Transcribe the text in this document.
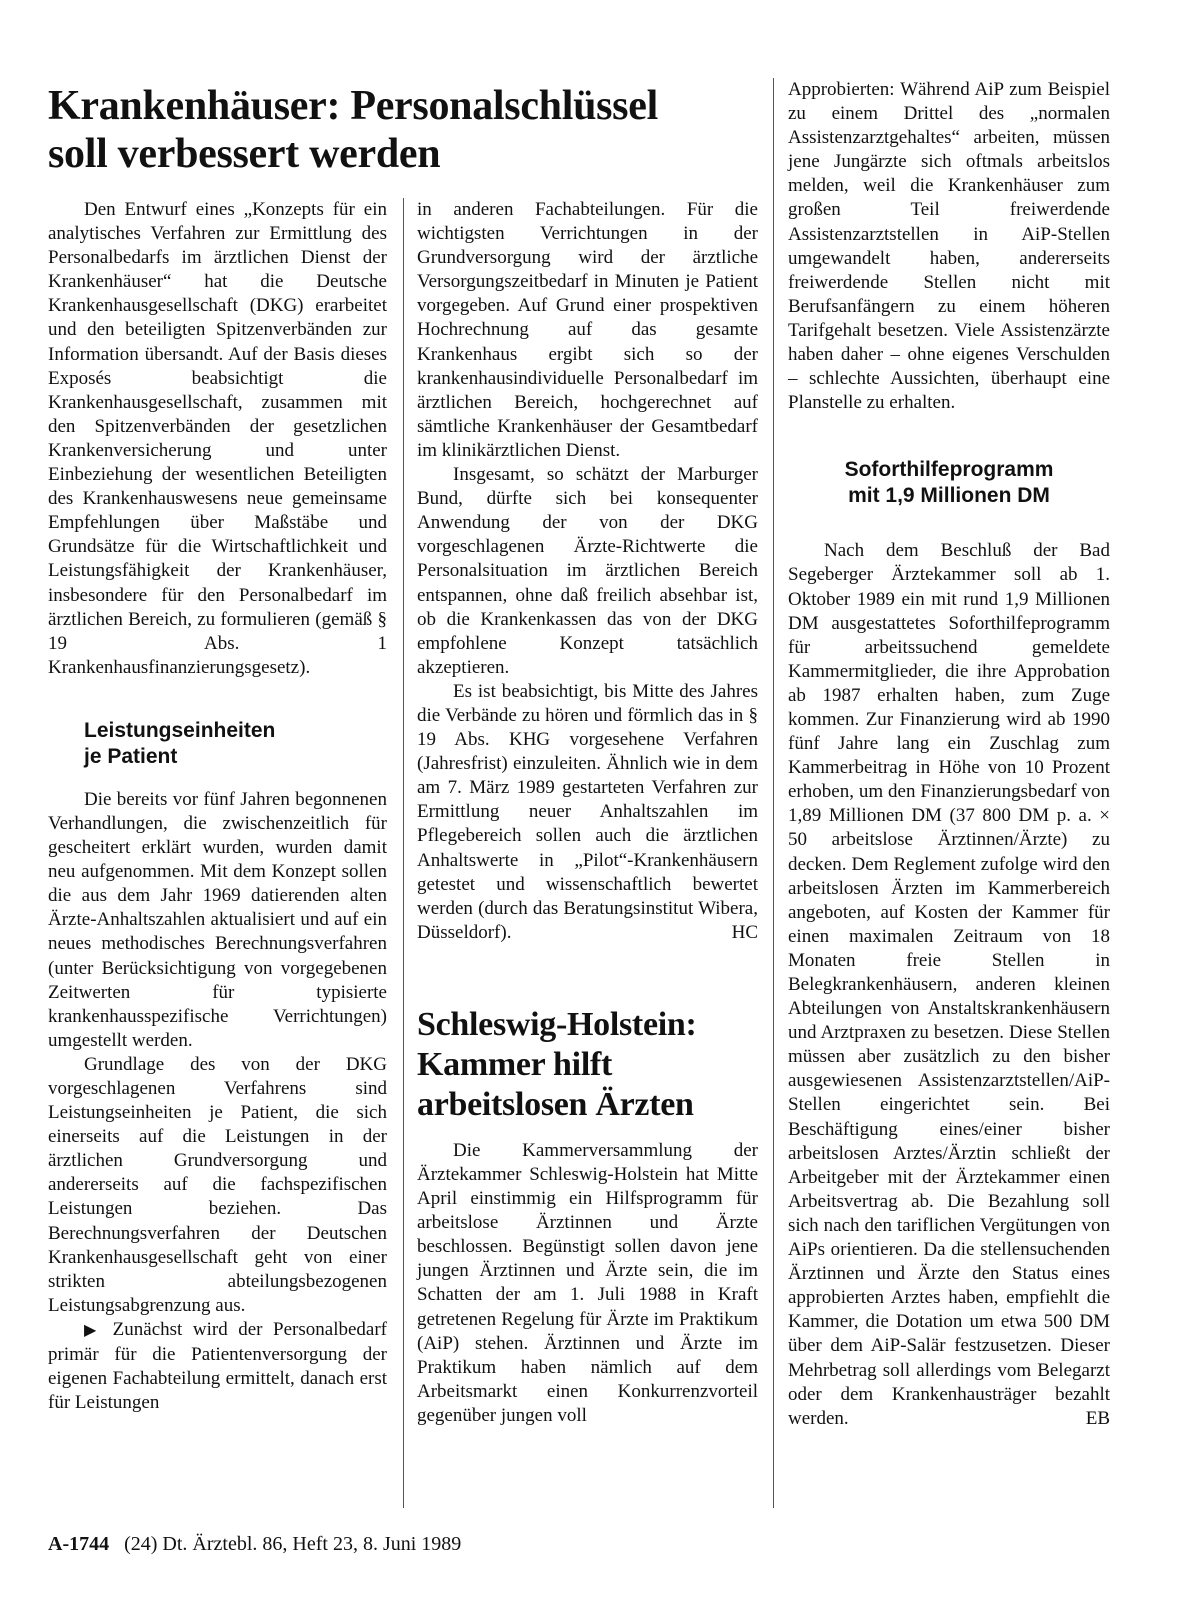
Krankenhäuser: Personalschlüssel
soll verbessert werden

Den Entwurf eines „Konzepts für ein analytisches Verfahren zur Ermittlung des Personalbedarfs im ärztlichen Dienst der Krankenhäuser“ hat die Deutsche Krankenhausgesellschaft (DKG) erarbeitet und den beteiligten Spitzenverbänden zur Information übersandt. Auf der Basis dieses Exposés beabsichtigt die Krankenhausgesellschaft, zusammen mit den Spitzenverbänden der gesetzlichen Krankenversicherung und unter Einbeziehung der wesentlichen Beteiligten des Krankenhauswesens neue gemeinsame Empfehlungen über Maßstäbe und Grundsätze für die Wirtschaftlichkeit und Leistungsfähigkeit der Krankenhäuser, insbesondere für den Personalbedarf im ärztlichen Bereich, zu formulieren (gemäß § 19 Abs. 1 Krankenhausfinanzierungsgesetz).

Leistungseinheiten
je Patient

Die bereits vor fünf Jahren begonnenen Verhandlungen, die zwischenzeitlich für gescheitert erklärt wurden, wurden damit neu aufgenommen. Mit dem Konzept sollen die aus dem Jahr 1969 datierenden alten Ärzte-Anhaltszahlen aktualisiert und auf ein neues methodisches Berechnungsverfahren (unter Berücksichtigung von vorgegebenen Zeitwerten für typisierte krankenhausspezifische Verrichtungen) umgestellt werden.

Grundlage des von der DKG vorgeschlagenen Verfahrens sind Leistungseinheiten je Patient, die sich einerseits auf die Leistungen in der ärztlichen Grundversorgung und andererseits auf die fachspezifischen Leistungen beziehen. Das Berechnungsverfahren der Deutschen Krankenhausgesellschaft geht von einer strikten abteilungsbezogenen Leistungsabgrenzung aus.

▶ Zunächst wird der Personalbedarf primär für die Patientenversorgung der eigenen Fachabteilung ermittelt, danach erst für Leistungen

in anderen Fachabteilungen. Für die wichtigsten Verrichtungen in der Grundversorgung wird der ärztliche Versorgungszeitbedarf in Minuten je Patient vorgegeben. Auf Grund einer prospektiven Hochrechnung auf das gesamte Krankenhaus ergibt sich so der krankenhausindividuelle Personalbedarf im ärztlichen Bereich, hochgerechnet auf sämtliche Krankenhäuser der Gesamtbedarf im klinikärztlichen Dienst.

Insgesamt, so schätzt der Marburger Bund, dürfte sich bei konsequenter Anwendung der von der DKG vorgeschlagenen Ärzte-Richtwerte die Personalsituation im ärztlichen Bereich entspannen, ohne daß freilich absehbar ist, ob die Krankenkassen das von der DKG empfohlene Konzept tatsächlich akzeptieren.

Es ist beabsichtigt, bis Mitte des Jahres die Verbände zu hören und förmlich das in § 19 Abs. KHG vorgesehene Verfahren (Jahresfrist) einzuleiten. Ähnlich wie in dem am 7. März 1989 gestarteten Verfahren zur Ermittlung neuer Anhaltszahlen im Pflegebereich sollen auch die ärztlichen Anhaltswerte in „Pilot“-Krankenhäusern getestet und wissenschaftlich bewertet werden (durch das Beratungsinstitut Wibera, Düsseldorf).	HC

Schleswig-Holstein:
Kammer hilft
arbeitslosen Ärzten

Die Kammerversammlung der Ärztekammer Schleswig-Holstein hat Mitte April einstimmig ein Hilfsprogramm für arbeitslose Ärztinnen und Ärzte beschlossen. Begünstigt sollen davon jene jungen Ärztinnen und Ärzte sein, die im Schatten der am 1. Juli 1988 in Kraft getretenen Regelung für Ärzte im Praktikum (AiP) stehen. Ärztinnen und Ärzte im Praktikum haben nämlich auf dem Arbeitsmarkt einen Konkurrenzvorteil gegenüber jungen voll

Approbierten: Während AiP zum Beispiel zu einem Drittel des „normalen Assistenzarztgehaltes“ arbeiten, müssen jene Jungärzte sich oftmals arbeitslos melden, weil die Krankenhäuser zum großen Teil freiwerdende Assistenzarztstellen in AiP-Stellen umgewandelt haben, andererseits freiwerdende Stellen nicht mit Berufsanfängern zu einem höheren Tarifgehalt besetzen. Viele Assistenzärzte haben daher – ohne eigenes Verschulden – schlechte Aussichten, überhaupt eine Planstelle zu erhalten.

Soforthilfeprogramm
mit 1,9 Millionen DM

Nach dem Beschluß der Bad Segeberger Ärztekammer soll ab 1. Oktober 1989 ein mit rund 1,9 Millionen DM ausgestattetes Soforthilfeprogramm für arbeitssuchend gemeldete Kammermitglieder, die ihre Approbation ab 1987 erhalten haben, zum Zuge kommen. Zur Finanzierung wird ab 1990 fünf Jahre lang ein Zuschlag zum Kammerbeitrag in Höhe von 10 Prozent erhoben, um den Finanzierungsbedarf von 1,89 Millionen DM (37 800 DM p. a. × 50 arbeitslose Ärztinnen/Ärzte) zu decken. Dem Reglement zufolge wird den arbeitslosen Ärzten im Kammerbereich angeboten, auf Kosten der Kammer für einen maximalen Zeitraum von 18 Monaten freie Stellen in Belegkrankenhäusern, anderen kleinen Abteilungen von Anstaltskrankenhäusern und Arztpraxen zu besetzen. Diese Stellen müssen aber zusätzlich zu den bisher ausgewiesenen Assistenzarztstellen/AiP-Stellen eingerichtet sein. Bei Beschäftigung eines/einer bisher arbeitslosen Arztes/Ärztin schließt der Arbeitgeber mit der Ärztekammer einen Arbeitsvertrag ab. Die Bezahlung soll sich nach den tariflichen Vergütungen von AiPs orientieren. Da die stellensuchenden Ärztinnen und Ärzte den Status eines approbierten Arztes haben, empfiehlt die Kammer, die Dotation um etwa 500 DM über dem AiP-Salär festzusetzen. Dieser Mehrbetrag soll allerdings vom Belegarzt oder dem Krankenhausträger bezahlt werden.	EB

A-1744 (24) Dt. Ärztebl. 86, Heft 23, 8. Juni 1989
